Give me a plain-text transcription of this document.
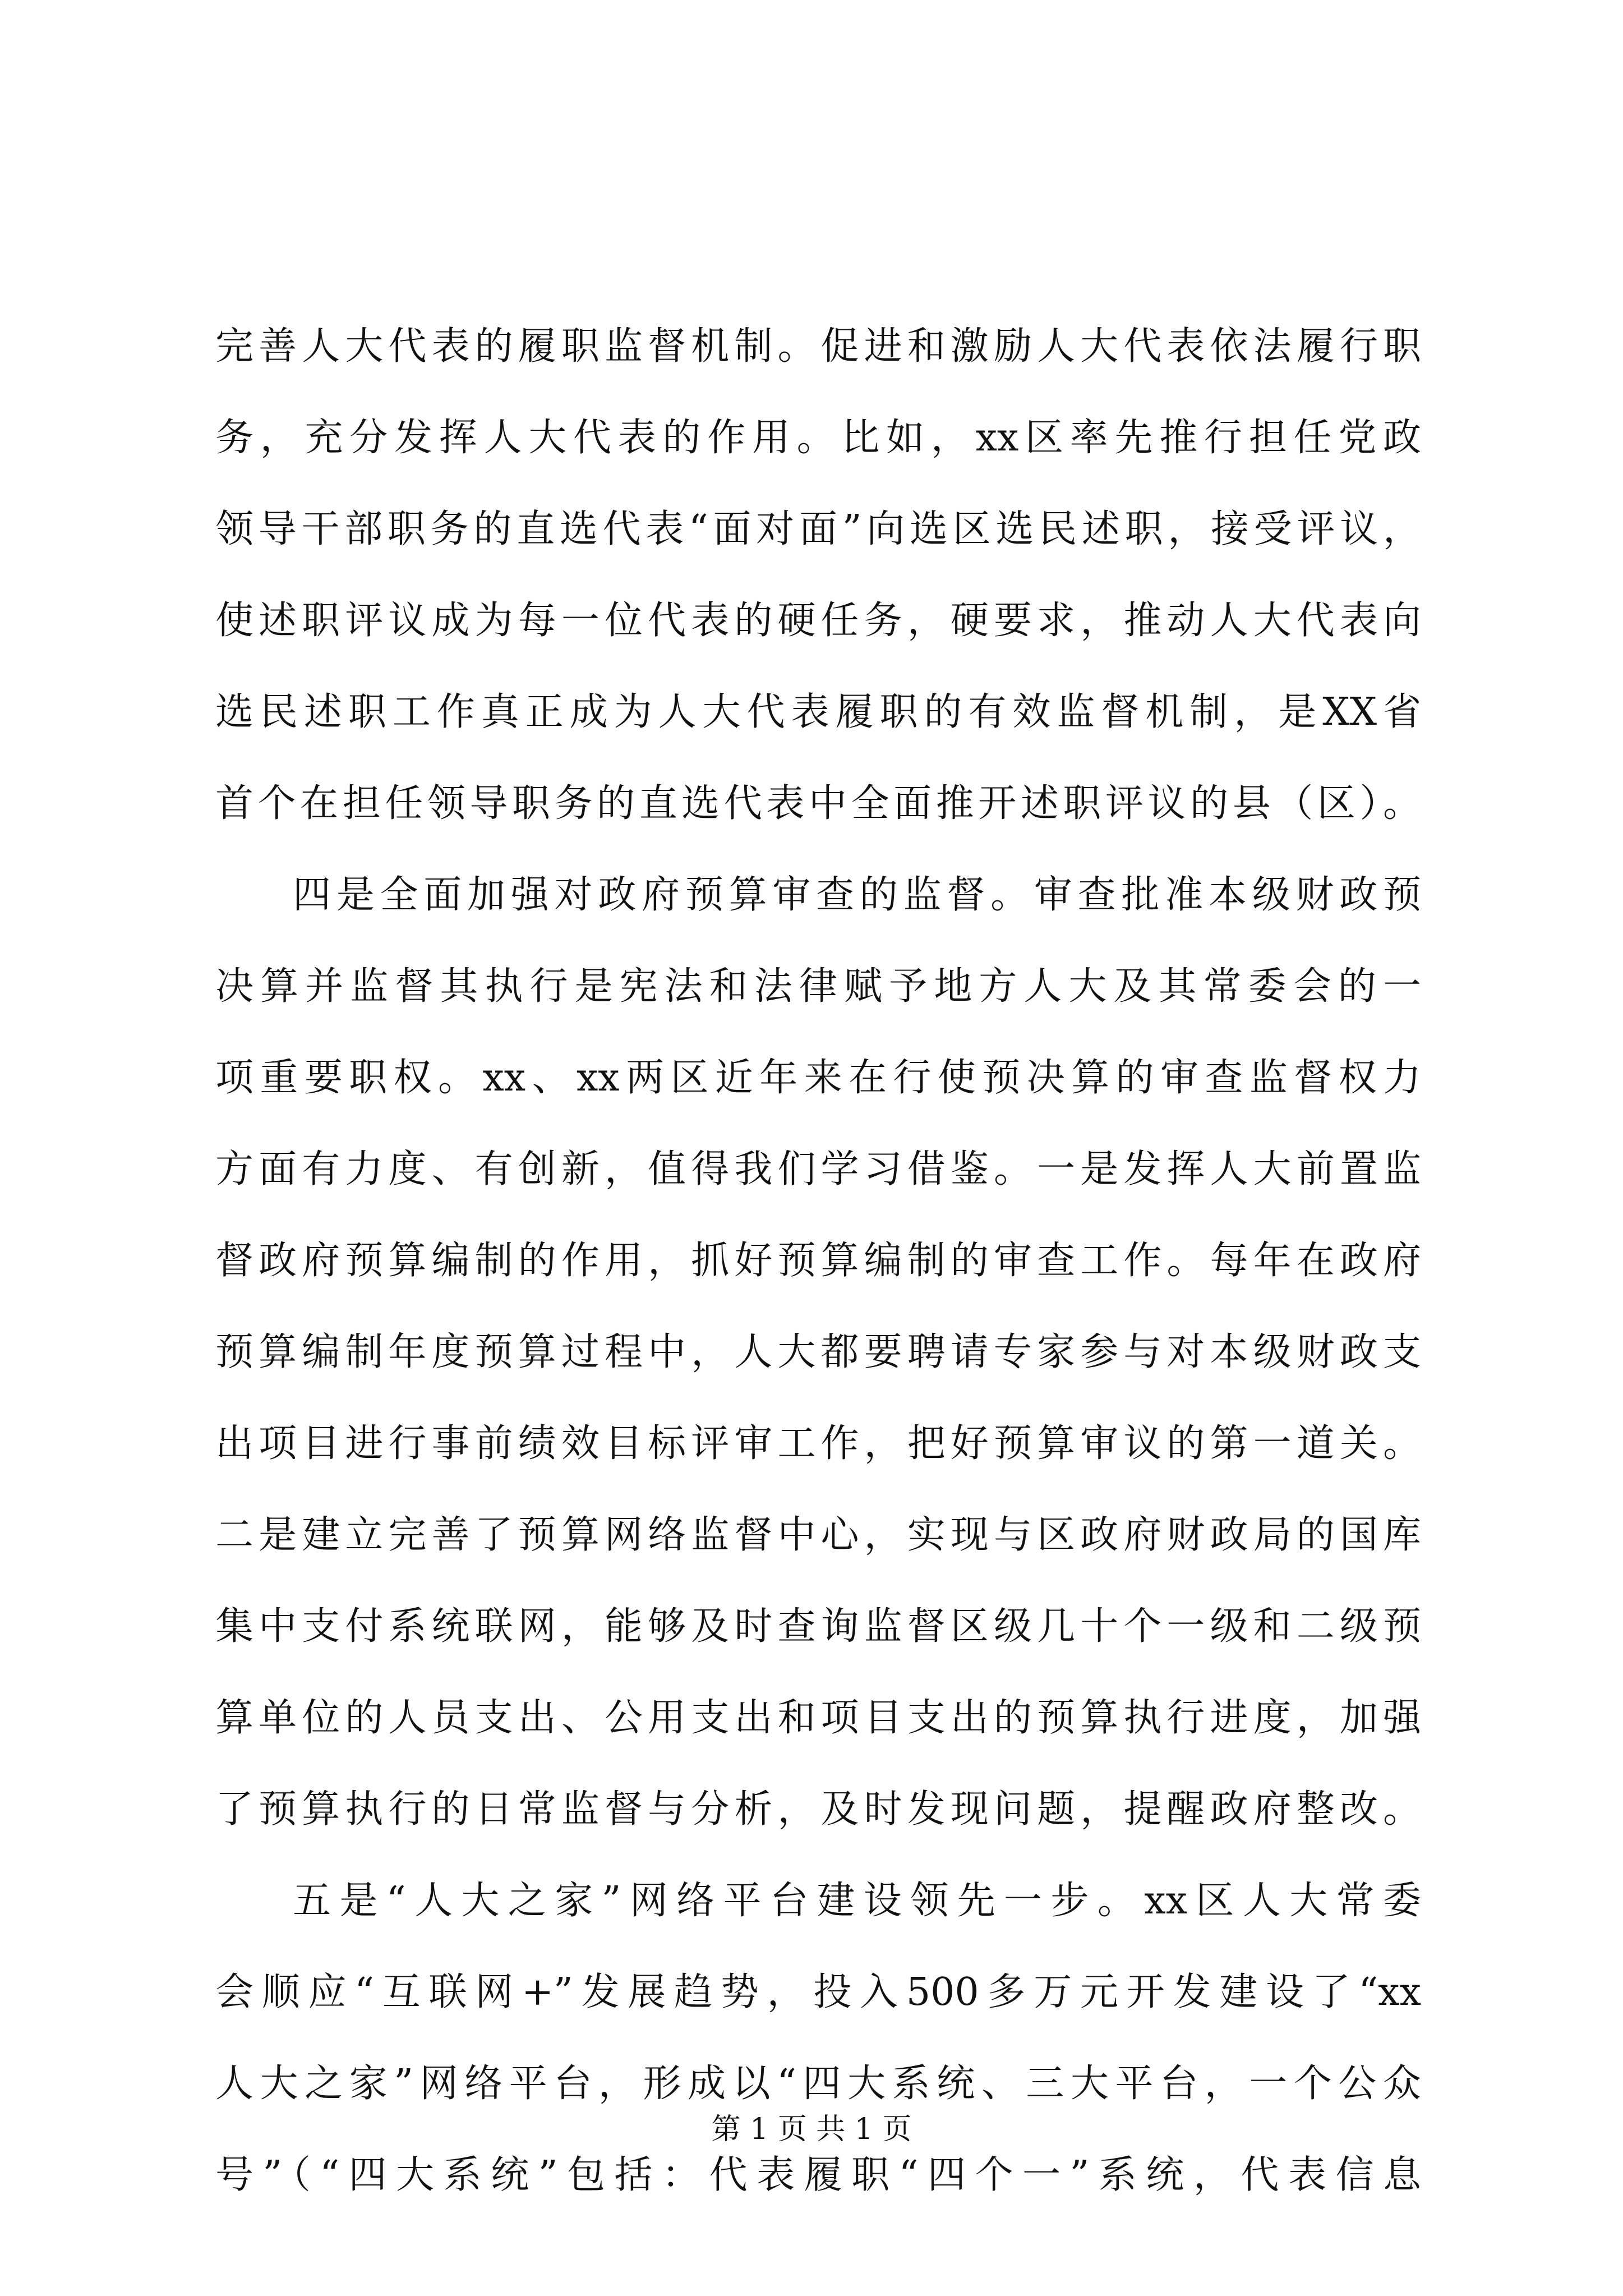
完善人大代表的履职监督机制。促进和激励人大代表依法履行职
务，充分发挥人大代表的作用。比如，xx区率先推行担任党政
领导干部职务的直选代表“面对面”向选区选民述职，接受评议，
使述职评议成为每一位代表的硬任务，硬要求，推动人大代表向
选民述职工作真正成为人大代表履职的有效监督机制，是XX省
首个在担任领导职务的直选代表中全面推开述职评议的县（区）。
四是全面加强对政府预算审查的监督。审查批准本级财政预
决算并监督其执行是宪法和法律赋予地方人大及其常委会的一
项重要职权。xx、xx两区近年来在行使预决算的审查监督权力
方面有力度、有创新，值得我们学习借鉴。一是发挥人大前置监
督政府预算编制的作用，抓好预算编制的审查工作。每年在政府
预算编制年度预算过程中，人大都要聘请专家参与对本级财政支
出项目进行事前绩效目标评审工作，把好预算审议的第一道关。
二是建立完善了预算网络监督中心，实现与区政府财政局的国库
集中支付系统联网，能够及时查询监督区级几十个一级和二级预
算单位的人员支出、公用支出和项目支出的预算执行进度，加强
了预算执行的日常监督与分析，及时发现问题，提醒政府整改。
五是“人大之家”网络平台建设领先一步。xx区人大常委
会顺应“互联网+”发展趋势，投入500多万元开发建设了“xx
人大之家”网络平台，形成以“四大系统、三大平台，一个公众
号”（“四大系统”包括：代表履职“四个一”系统，代表信息
第 1 页 共 1 页
